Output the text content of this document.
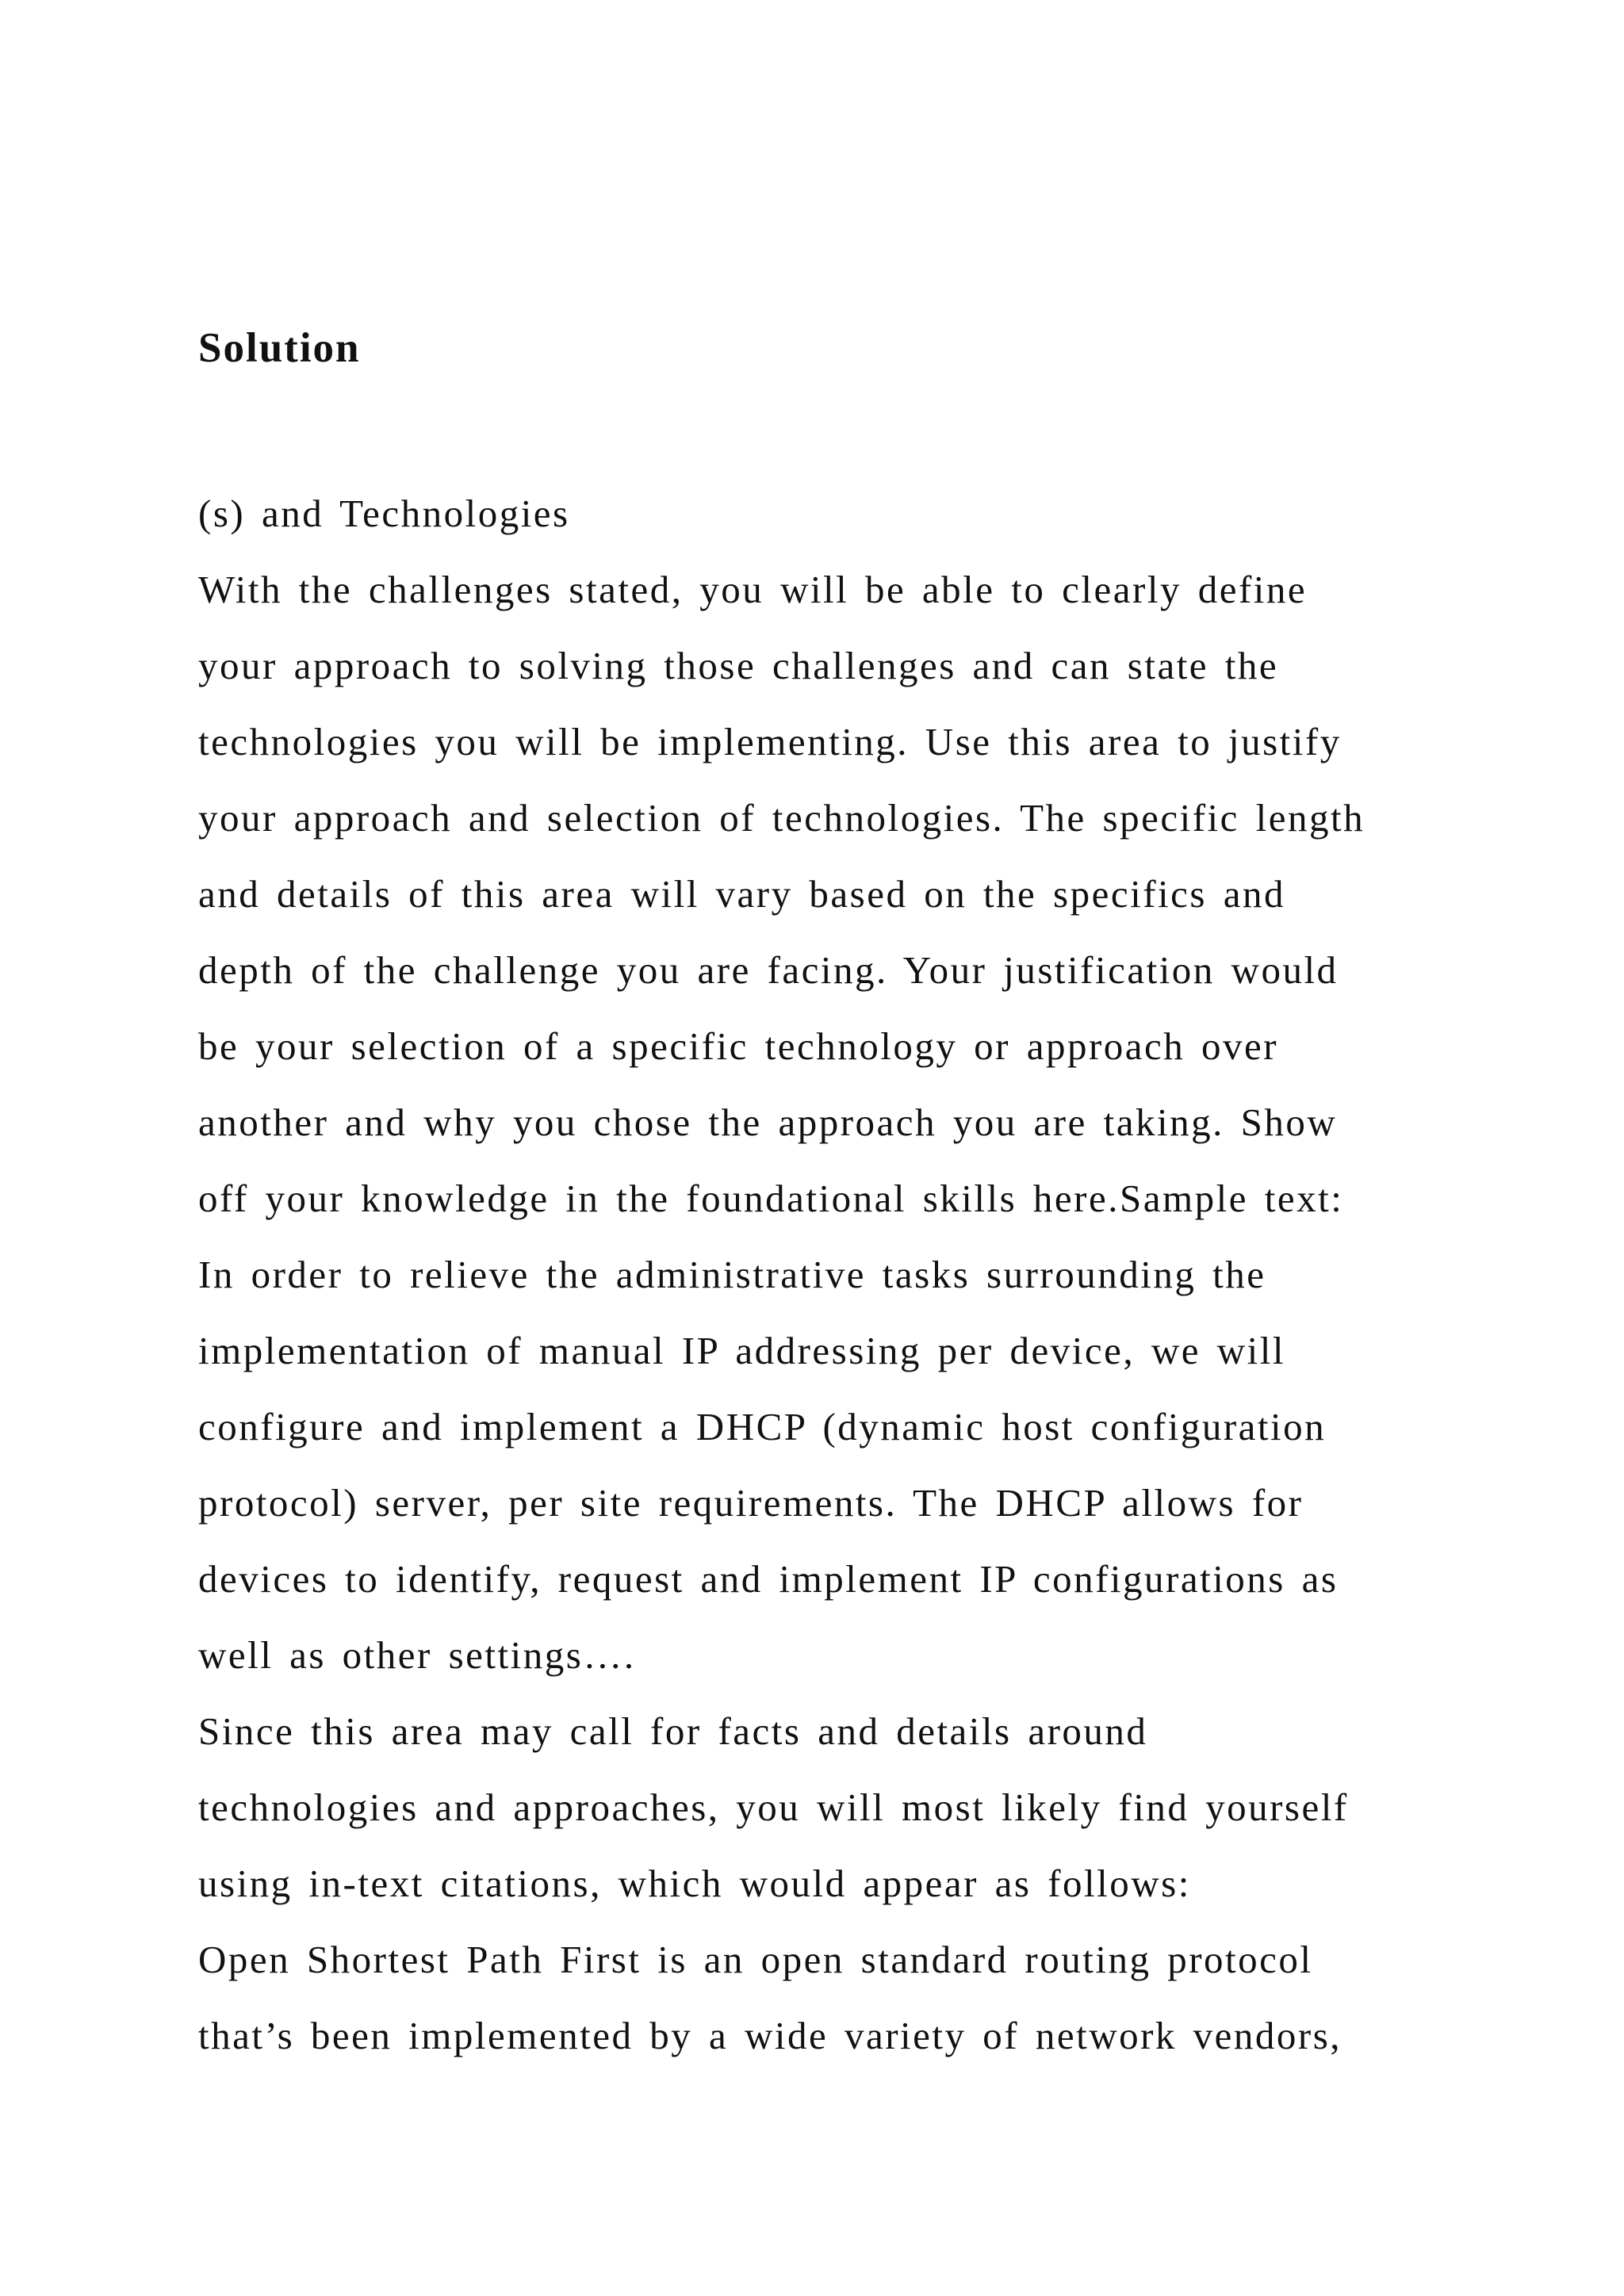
Solution
(s) and Technologies
With the challenges stated, you will be able to clearly define
your approach to solving those challenges and can state the
technologies you will be implementing. Use this area to justify
your approach and selection of technologies. The specific length
and details of this area will vary based on the specifics and
depth of the challenge you are facing. Your justification would
be your selection of a specific technology or approach over
another and why you chose the approach you are taking. Show
off your knowledge in the foundational skills here.Sample text:
In order to relieve the administrative tasks surrounding the
implementation of manual IP addressing per device, we will
configure and implement a DHCP (dynamic host configuration
protocol) server, per site requirements. The DHCP allows for
devices to identify, request and implement IP configurations as
well as other settings….
Since this area may call for facts and details around
technologies and approaches, you will most likely find yourself
using in-text citations, which would appear as follows:
Open Shortest Path First is an open standard routing protocol
that’s been implemented by a wide variety of network vendors,
